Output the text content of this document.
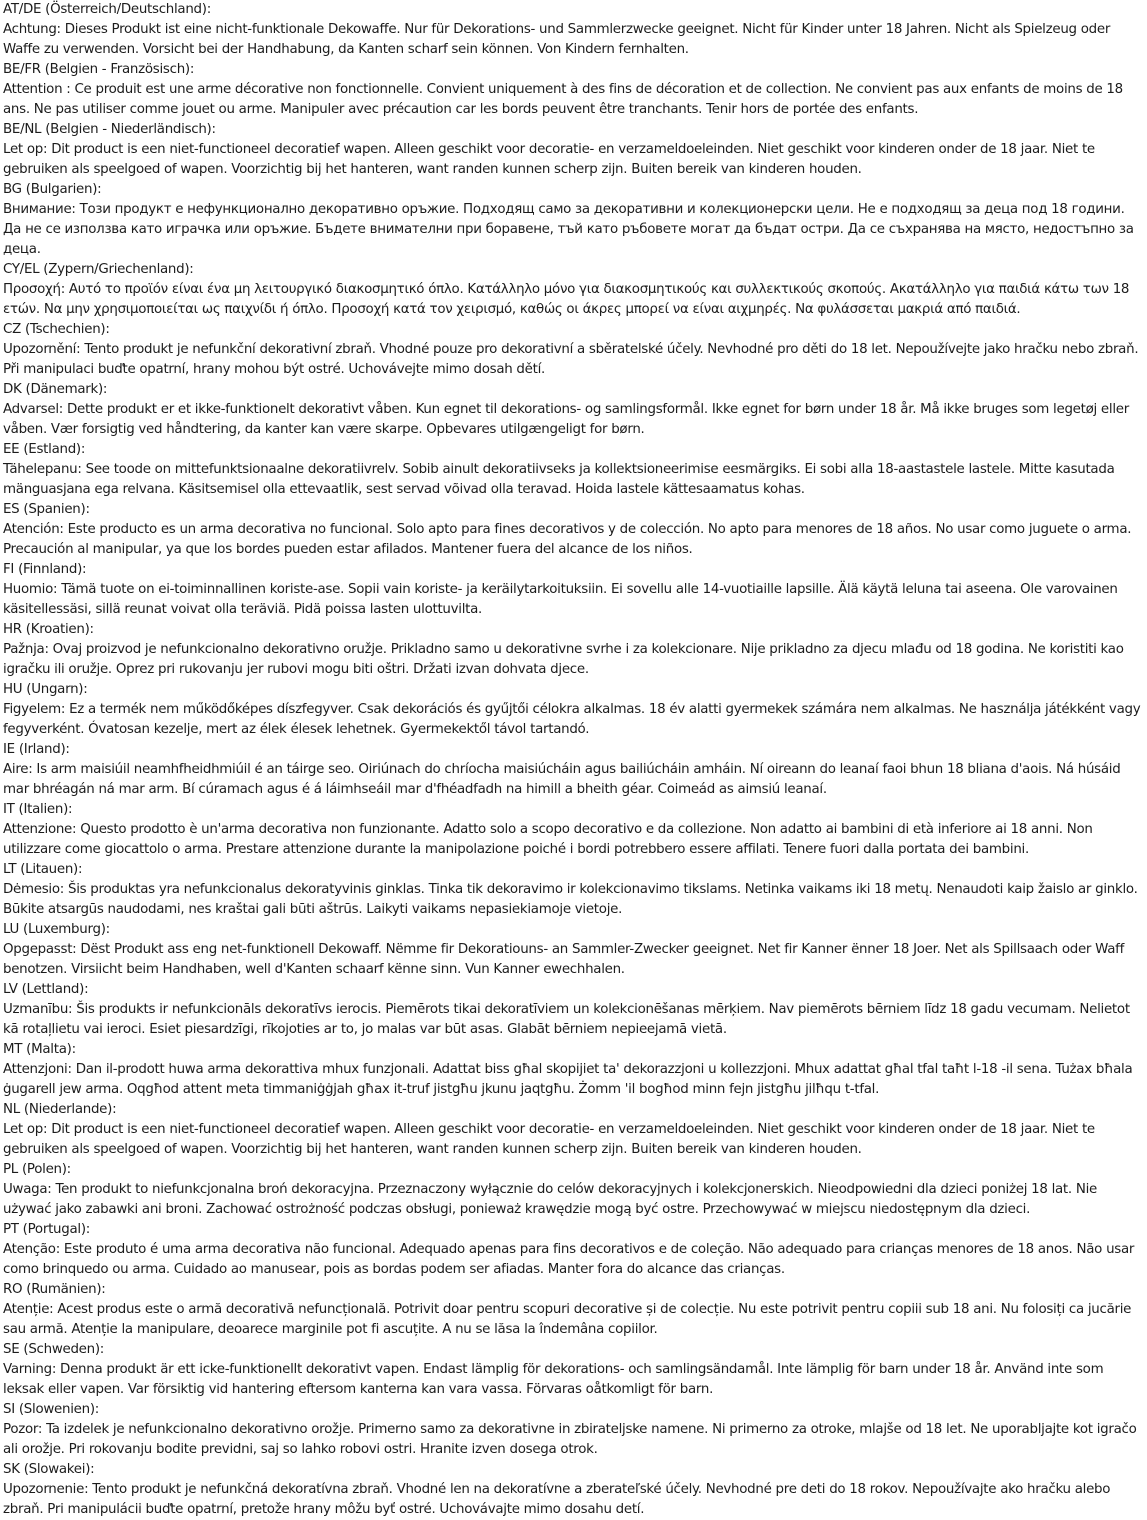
AT/DE (Österreich/Deutschland):
Achtung: Dieses Produkt ist eine nicht-funktionale Dekowaffe. Nur für Dekorations- und Sammlerzwecke geeignet. Nicht für Kinder unter 18 Jahren. Nicht als Spielzeug oder Waffe zu verwenden. Vorsicht bei der Handhabung, da Kanten scharf sein können. Von Kindern fernhalten.
BE/FR (Belgien - Französisch):
Attention : Ce produit est une arme décorative non fonctionnelle. Convient uniquement à des fins de décoration et de collection. Ne convient pas aux enfants de moins de 18 ans. Ne pas utiliser comme jouet ou arme. Manipuler avec précaution car les bords peuvent être tranchants. Tenir hors de portée des enfants.
BE/NL (Belgien - Niederländisch):
Let op: Dit product is een niet-functioneel decoratief wapen. Alleen geschikt voor decoratie- en verzameldoeleinden. Niet geschikt voor kinderen onder de 18 jaar. Niet te gebruiken als speelgoed of wapen. Voorzichtig bij het hanteren, want randen kunnen scherp zijn. Buiten bereik van kinderen houden.
BG (Bulgarien):
Внимание: Този продукт е нефункционално декоративно оръжие. Подходящ само за декоративни и колекционерски цели. Не е подходящ за деца под 18 години. Да не се използва като играчка или оръжие. Бъдете внимателни при боравене, тъй като ръбовете могат да бъдат остри. Да се съхранява на място, недостъпно за деца.
CY/EL (Zypern/Griechenland):
Προσοχή: Αυτό το προϊόν είναι ένα μη λειτουργικό διακοσμητικό όπλο. Κατάλληλο μόνο για διακοσμητικούς και συλλεκτικούς σκοπούς. Ακατάλληλο για παιδιά κάτω των 18 ετών. Να μην χρησιμοποιείται ως παιχνίδι ή όπλο. Προσοχή κατά τον χειρισμό, καθώς οι άκρες μπορεί να είναι αιχμηρές. Να φυλάσσεται μακριά από παιδιά.
CZ (Tschechien):
Upozornění: Tento produkt je nefunkční dekorativní zbraň. Vhodné pouze pro dekorativní a sběratelské účely. Nevhodné pro děti do 18 let. Nepoužívejte jako hračku nebo zbraň. Při manipulaci buďte opatrní, hrany mohou být ostré. Uchovávejte mimo dosah dětí.
DK (Dänemark):
Advarsel: Dette produkt er et ikke-funktionelt dekorativt våben. Kun egnet til dekorations- og samlingsformål. Ikke egnet for børn under 18 år. Må ikke bruges som legetøj eller våben. Vær forsigtig ved håndtering, da kanter kan være skarpe. Opbevares utilgængeligt for børn.
EE (Estland):
Tähelepanu: See toode on mittefunktsionaalne dekoratiivrelv. Sobib ainult dekoratiivseks ja kollektsioneerimise eesmärgiks. Ei sobi alla 18-aastastele lastele. Mitte kasutada mänguasjana ega relvana. Käsitsemisel olla ettevaatlik, sest servad võivad olla teravad. Hoida lastele kättesaamatus kohas.
ES (Spanien):
Atención: Este producto es un arma decorativa no funcional. Solo apto para fines decorativos y de colección. No apto para menores de 18 años. No usar como juguete o arma. Precaución al manipular, ya que los bordes pueden estar afilados. Mantener fuera del alcance de los niños.
FI (Finnland):
Huomio: Tämä tuote on ei-toiminnallinen koriste-ase. Sopii vain koriste- ja keräilytarkoituksiin. Ei sovellu alle 14-vuotiaille lapsille. Älä käytä leluna tai aseena. Ole varovainen käsitellessäsi, sillä reunat voivat olla teräviä. Pidä poissa lasten ulottuvilta.
HR (Kroatien):
Pažnja: Ovaj proizvod je nefunkcionalno dekorativno oružje. Prikladno samo u dekorativne svrhe i za kolekcionare. Nije prikladno za djecu mlađu od 18 godina. Ne koristiti kao igračku ili oružje. Oprez pri rukovanju jer rubovi mogu biti oštri. Držati izvan dohvata djece.
HU (Ungarn):
Figyelem: Ez a termék nem működőképes díszfegyver. Csak dekorációs és gyűjtői célokra alkalmas. 18 év alatti gyermekek számára nem alkalmas. Ne használja játékként vagy fegyverként. Óvatosan kezelje, mert az élek élesek lehetnek. Gyermekektől távol tartandó.
IE (Irland):
Aire: Is arm maisiúil neamhfheidhmiúil é an táirge seo. Oiriúnach do chríocha maisiúcháin agus bailiúcháin amháin. Ní oireann do leanaí faoi bhun 18 bliana d'aois. Ná húsáid mar bhréagán ná mar arm. Bí cúramach agus é á láimhseáil mar d'fhéadfadh na himill a bheith géar. Coimeád as aimsiú leanaí.
IT (Italien):
Attenzione: Questo prodotto è un'arma decorativa non funzionante. Adatto solo a scopo decorativo e da collezione. Non adatto ai bambini di età inferiore ai 18 anni. Non utilizzare come giocattolo o arma. Prestare attenzione durante la manipolazione poiché i bordi potrebbero essere affilati. Tenere fuori dalla portata dei bambini.
LT (Litauen):
Dėmesio: Šis produktas yra nefunkcionalus dekoratyvinis ginklas. Tinka tik dekoravimo ir kolekcionavimo tikslams. Netinka vaikams iki 18 metų. Nenaudoti kaip žaislo ar ginklo. Būkite atsargūs naudodami, nes kraštai gali būti aštrūs. Laikyti vaikams nepasiekiamoje vietoje.
LU (Luxemburg):
Opgepasst: Dëst Produkt ass eng net-funktionell Dekowaff. Nëmme fir Dekoratiouns- an Sammler-Zwecker geeignet. Net fir Kanner ënner 18 Joer. Net als Spillsaach oder Waff benotzen. Virsiicht beim Handhaben, well d'Kanten schaarf kënne sinn. Vun Kanner ewechhalen.
LV (Lettland):
Uzmanību: Šis produkts ir nefunkcionāls dekoratīvs ierocis. Piemērots tikai dekoratīviem un kolekcionēšanas mērķiem. Nav piemērots bērniem līdz 18 gadu vecumam. Nelietot kā rotaļlietu vai ieroci. Esiet piesardzīgi, rīkojoties ar to, jo malas var būt asas. Glabāt bērniem nepieejamā vietā.
MT (Malta):
Attenzjoni: Dan il-prodott huwa arma dekorattiva mhux funzjonali. Adattat biss għal skopijiet ta' dekorazzjoni u kollezzjoni. Mhux adattat għal tfal taħt l-18 -il sena. Tużax bħala ġugarell jew arma. Oqgħod attent meta timmaniġġjah għax it-truf jistgħu jkunu jaqtgħu. Żomm 'il bogħod minn fejn jistgħu jilħqu t-tfal.
NL (Niederlande):
Let op: Dit product is een niet-functioneel decoratief wapen. Alleen geschikt voor decoratie- en verzameldoeleinden. Niet geschikt voor kinderen onder de 18 jaar. Niet te gebruiken als speelgoed of wapen. Voorzichtig bij het hanteren, want randen kunnen scherp zijn. Buiten bereik van kinderen houden.
PL (Polen):
Uwaga: Ten produkt to niefunkcjonalna broń dekoracyjna. Przeznaczony wyłącznie do celów dekoracyjnych i kolekcjonerskich. Nieodpowiedni dla dzieci poniżej 18 lat. Nie używać jako zabawki ani broni. Zachować ostrożność podczas obsługi, ponieważ krawędzie mogą być ostre. Przechowywać w miejscu niedostępnym dla dzieci.
PT (Portugal):
Atenção: Este produto é uma arma decorativa não funcional. Adequado apenas para fins decorativos e de coleção. Não adequado para crianças menores de 18 anos. Não usar como brinquedo ou arma. Cuidado ao manusear, pois as bordas podem ser afiadas. Manter fora do alcance das crianças.
RO (Rumänien):
Atenție: Acest produs este o armă decorativă nefuncțională. Potrivit doar pentru scopuri decorative și de colecție. Nu este potrivit pentru copiii sub 18 ani. Nu folosiți ca jucărie sau armă. Atenție la manipulare, deoarece marginile pot fi ascuțite. A nu se lăsa la îndemâna copiilor.
SE (Schweden):
Varning: Denna produkt är ett icke-funktionellt dekorativt vapen. Endast lämplig för dekorations- och samlingsändamål. Inte lämplig för barn under 18 år. Använd inte som leksak eller vapen. Var försiktig vid hantering eftersom kanterna kan vara vassa. Förvaras oåtkomligt för barn.
SI (Slowenien):
Pozor: Ta izdelek je nefunkcionalno dekorativno orožje. Primerno samo za dekorativne in zbirateljske namene. Ni primerno za otroke, mlajše od 18 let. Ne uporabljajte kot igračo ali orožje. Pri rokovanju bodite previdni, saj so lahko robovi ostri. Hranite izven dosega otrok.
SK (Slowakei):
Upozornenie: Tento produkt je nefunkčná dekoratívna zbraň. Vhodné len na dekoratívne a zberateľské účely. Nevhodné pre deti do 18 rokov. Nepoužívajte ako hračku alebo zbraň. Pri manipulácii buďte opatrní, pretože hrany môžu byť ostré. Uchovávajte mimo dosahu detí.
